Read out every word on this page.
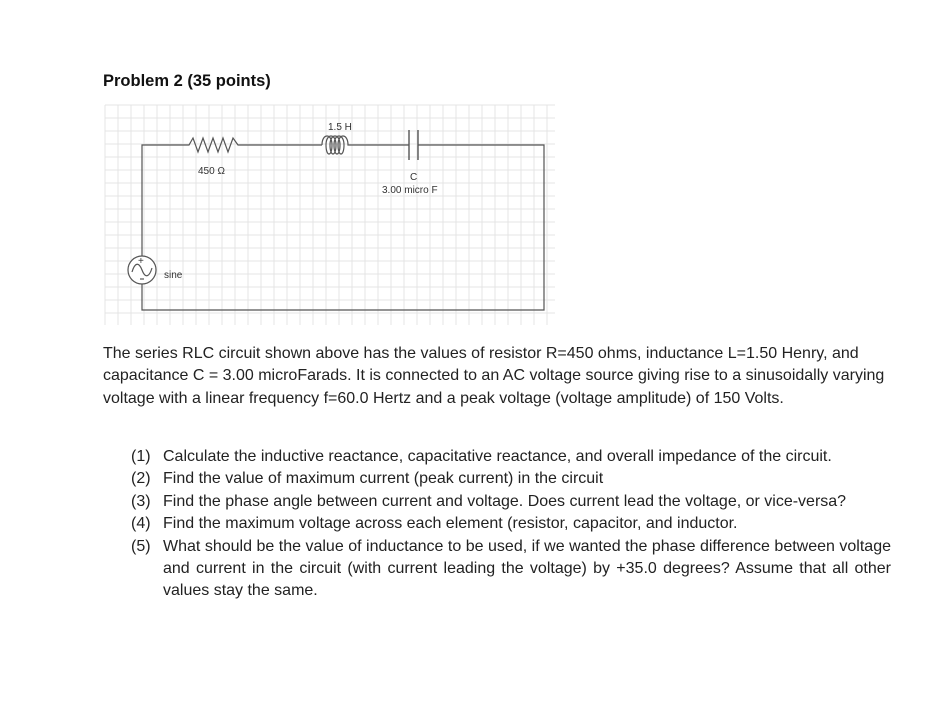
Problem 2 (35 points)
450 Ω
1.5 H
C
3.00 micro F
+
sine
The series RLC circuit shown above has the values of resistor R=450 ohms, inductance L=1.50 Henry, and capacitance C = 3.00 microFarads. It is connected to an AC voltage source giving rise to a sinusoidally varying voltage with a linear frequency f=60.0 Hertz and a peak voltage (voltage amplitude) of 150 Volts.
(1) Calculate the inductive reactance, capacitative reactance, and overall impedance of the circuit.
(2) Find the value of maximum current (peak current) in the circuit
(3) Find the phase angle between current and voltage. Does current lead the voltage, or vice-versa?
(4) Find the maximum voltage across each element (resistor, capacitor, and inductor.
(5) What should be the value of inductance to be used, if we wanted the phase difference between voltage and current in the circuit (with current leading the voltage) by +35.0 degrees? Assume that all other values stay the same.
